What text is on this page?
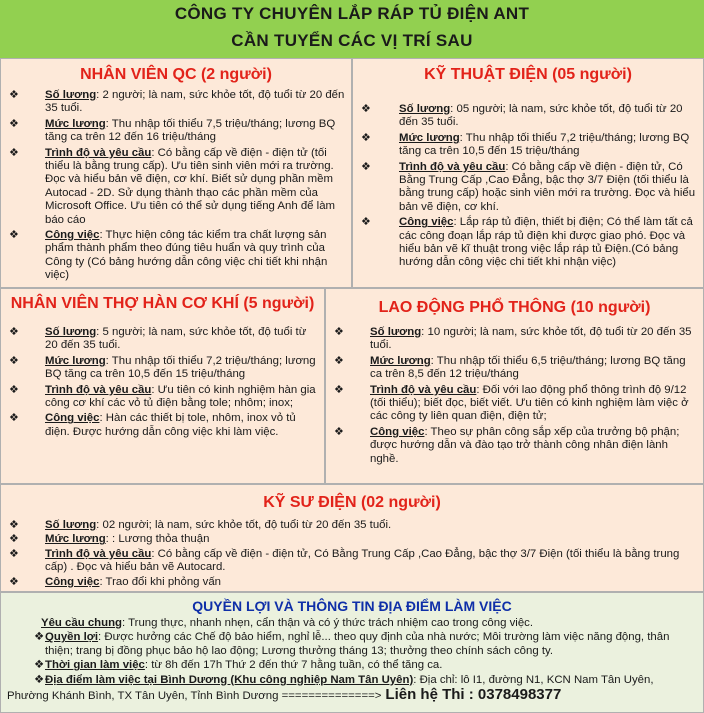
CÔNG TY CHUYÊN LẮP RÁP TỦ ĐIỆN ANT
CẦN TUYỂN CÁC VỊ TRÍ SAU
NHÂN VIÊN QC (2 người)
❖ Số lương: 2 người; là nam, sức khỏe tốt, độ tuổi từ 20 đến 35 tuổi.
❖ Mức lương: Thu nhập tối thiểu 7,5 triệu/tháng; lương BQ tăng ca trên 12 đến 16 triệu/tháng
❖ Trình độ và yêu cầu: Có bằng cấp về điện - điện tử (tối thiểu là bằng trung cấp). Ưu tiên sinh viên mới ra trường. Đọc và hiểu bản vẽ điện, cơ khí. Biết sử dụng phần mềm Autocad - 2D. Sử dụng thành thạo các phần mềm của Microsoft Office. Ưu tiên có thể sử dụng tiếng Anh để làm báo cáo
❖ Công việc: Thực hiện công tác kiểm tra chất lượng sản phẩm thành phẩm theo đúng tiêu huẩn và quy trình của Công ty (Có bảng hướng dẫn công việc chi tiết khi nhận việc)
KỸ THUẬT ĐIỆN (05 người)
❖ Số lương: 05 người; là nam, sức khỏe tốt, độ tuổi từ 20 đến 35 tuổi.
❖ Mức lương: Thu nhập tối thiểu 7,2 triệu/tháng; lương BQ tăng ca trên 10,5 đến 15 triệu/tháng
❖ Trình độ và yêu cầu: Có bằng cấp về điện - điện tử, Có Bằng Trung Cấp ,Cao Đẳng, bậc thợ 3/7 Điện (tối thiểu là bằng trung cấp) hoặc sinh viên mới ra trường. Đọc và hiểu bản vẽ điện, cơ khí.
❖ Công việc: Lắp ráp tủ điện, thiết bị điện; Có thể làm tất cả các công đoạn lắp ráp tủ điện khi được giao phó. Đọc và hiểu bản vẽ kĩ thuật trong việc lắp ráp tủ Điện.(Có bảng hướng dẫn công việc chi tiết khi nhận việc)
NHÂN VIÊN THỢ HÀN CƠ KHÍ (5 người)
❖ Số lương: 5 người; là nam, sức khỏe tốt, độ tuổi từ 20 đến 35 tuổi.
❖ Mức lương: Thu nhập tối thiểu 7,2 triệu/tháng; lương BQ tăng ca trên 10,5 đến 15 triệu/tháng
❖ Trình độ và yêu cầu: Ưu tiên có kinh nghiệm hàn gia công cơ khí các vỏ tủ điện bằng tole; nhôm; inox;
❖ Công việc: Hàn các thiết bị tole, nhôm, inox vỏ tủ điện. Được hướng dẫn công việc khi làm việc.
LAO ĐỘNG PHỔ THÔNG (10 người)
❖ Số lương: 10 người; là nam, sức khỏe tốt, độ tuổi từ 20 đến 35 tuổi.
❖ Mức lương: Thu nhập tối thiểu 6,5 triệu/tháng; lương BQ tăng ca trên 8,5 đến 12 triệu/tháng
❖ Trình độ và yêu cầu: Đối với lao động phổ thông trình độ 9/12 (tối thiểu); biết đọc, biết viết. Ưu tiên có kinh nghiệm làm việc ở các công ty liên quan điện, điện tử;
❖ Công việc: Theo sự phân công sắp xếp của trưởng bộ phận; được hướng dẫn và đào tạo trở thành công nhân điện lành nghề.
KỸ SƯ ĐIỆN (02 người)
❖ Số lương: 02 người; là nam, sức khỏe tốt, độ tuổi từ 20 đến 35 tuổi.
❖ Mức lương: : Lương thỏa thuận
❖ Trình độ và yêu cầu: Có bằng cấp về điện - điện tử, Có Bằng Trung Cấp ,Cao Đẳng, bậc thợ 3/7 Điện (tối thiểu là bằng trung cấp) . Đọc và hiểu bản vẽ Autocard.
❖ Công việc: Trao đổi khi phỏng vấn
QUYỀN LỢI VÀ THÔNG TIN ĐỊA ĐIỂM LÀM VIỆC
Yêu cầu chung: Trung thực, nhanh nhẹn, cẩn thận và có ý thức trách nhiệm cao trong công việc.
❖ Quyền lợi: Được hưởng các Chế độ bảo hiểm, nghỉ lễ... theo quy định của nhà nước; Môi trường làm việc năng động, thân thiện; trang bị đồng phục bảo hộ lao động; Lương thưởng tháng 13; thưởng theo chính sách công ty.
❖ Thời gian làm việc: từ 8h đến 17h Thứ 2 đến thứ 7 hằng tuần, có thể tăng ca.
❖ Địa điểm làm việc tại Bình Dương (Khu công nghiệp Nam Tân Uyên): Địa chỉ: lô I1, đường N1, KCN Nam Tân Uyên,
Phường Khánh Bình, TX Tân Uyên, Tỉnh Bình Dương ==============> Liên hệ Thi : 0378498377
